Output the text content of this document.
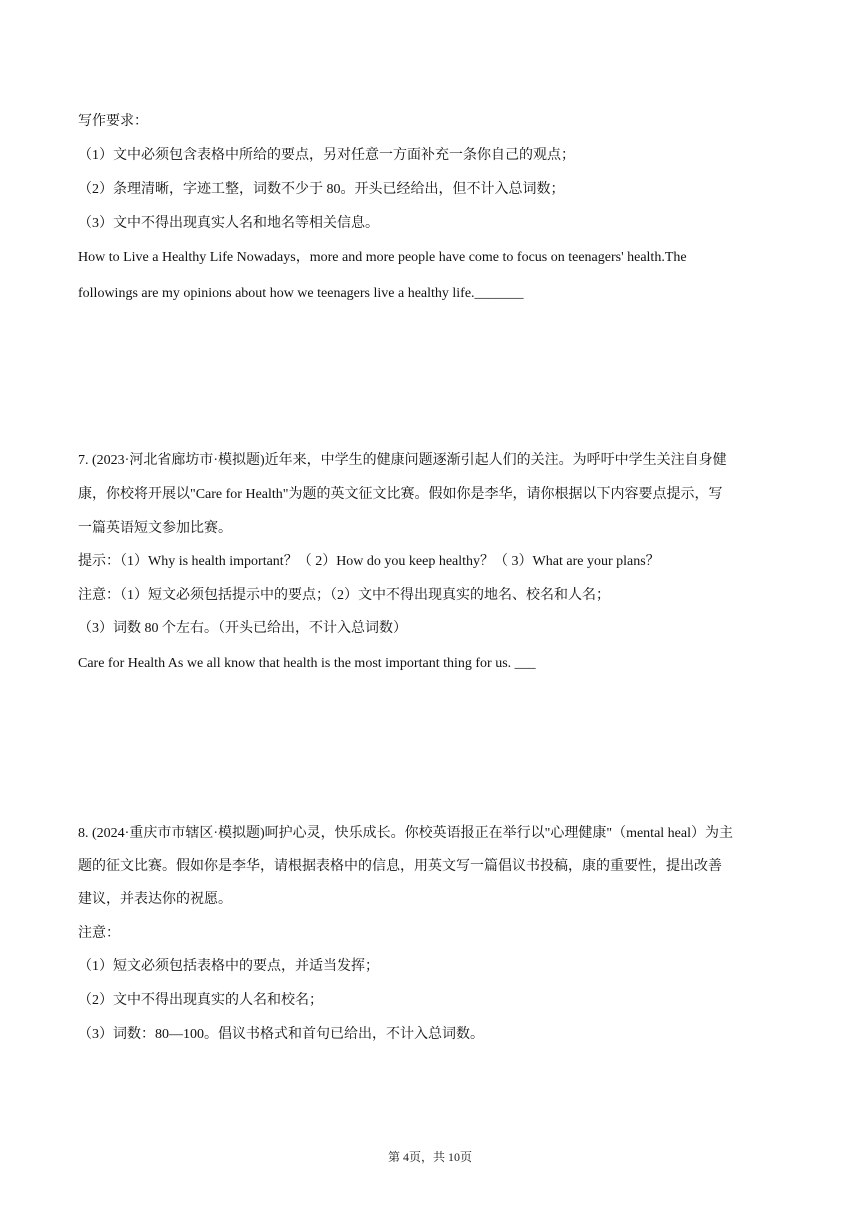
写作要求：
（1）文中必须包含表格中所给的要点，另对任意一方面补充一条你自己的观点；
（2）条理清晰，字迹工整，词数不少于 80。开头已经给出，但不计入总词数；
（3）文中不得出现真实人名和地名等相关信息。
How to Live a Healthy Life Nowadays，more and more people have come to focus on teenagers' health.The
followings are my opinions about how we teenagers live a healthy life._______
7. (2023·河北省廊坊市·模拟题)近年来，中学生的健康问题逐渐引起人们的关注。为呼吁中学生关注自身健
康，你校将开展以"Care for Health"为题的英文征文比赛。假如你是李华，请你根据以下内容要点提示，写
一篇英语短文参加比赛。
提示：（1）Why is health important？（ 2）How do you keep healthy？（ 3）What are your plans？
注意：（1）短文必须包括提示中的要点；（2）文中不得出现真实的地名、校名和人名；
（3）词数 80 个左右。（开头已给出，不计入总词数）
Care for Health As we all know that health is the most important thing for us. ___
8. (2024·重庆市市辖区·模拟题)呵护心灵，快乐成长。你校英语报正在举行以"心理健康"（mental heal）为主
题的征文比赛。假如你是李华，请根据表格中的信息，用英文写一篇倡议书投稿，康的重要性，提出改善
建议，并表达你的祝愿。
注意：
（1）短文必须包括表格中的要点，并适当发挥；
（2）文中不得出现真实的人名和校名；
（3）词数：80—100。倡议书格式和首句已给出，不计入总词数。
第 4页，共 10页
